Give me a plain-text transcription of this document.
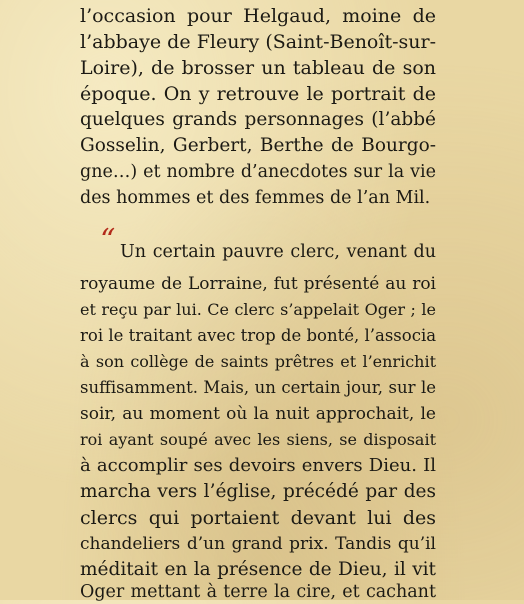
l’occasion pour Helgaud, moine de
l’abbaye de Fleury (Saint-Benoît-sur-
Loire), de brosser un tableau de son
époque. On y retrouve le portrait de
quelques grands personnages (l’abbé
Gosselin, Gerbert, Berthe de Bourgo-
gne…) et nombre d’anecdotes sur la vie
des hommes et des femmes de l’an Mil.
“ Un certain pauvre clerc, venant du
royaume de Lorraine, fut présenté au roi
et reçu par lui. Ce clerc s’appelait Oger ; le
roi le traitant avec trop de bonté, l’associa
à son collège de saints prêtres et l’enrichit
suffisamment. Mais, un certain jour, sur le
soir, au moment où la nuit approchait, le
roi ayant soupé avec les siens, se disposait
à accomplir ses devoirs envers Dieu. Il
marcha vers l’église, précédé par des
clercs qui portaient devant lui des
chandeliers d’un grand prix. Tandis qu’il
méditait en la présence de Dieu, il vit
Oger mettant à terre la cire, et cachant
